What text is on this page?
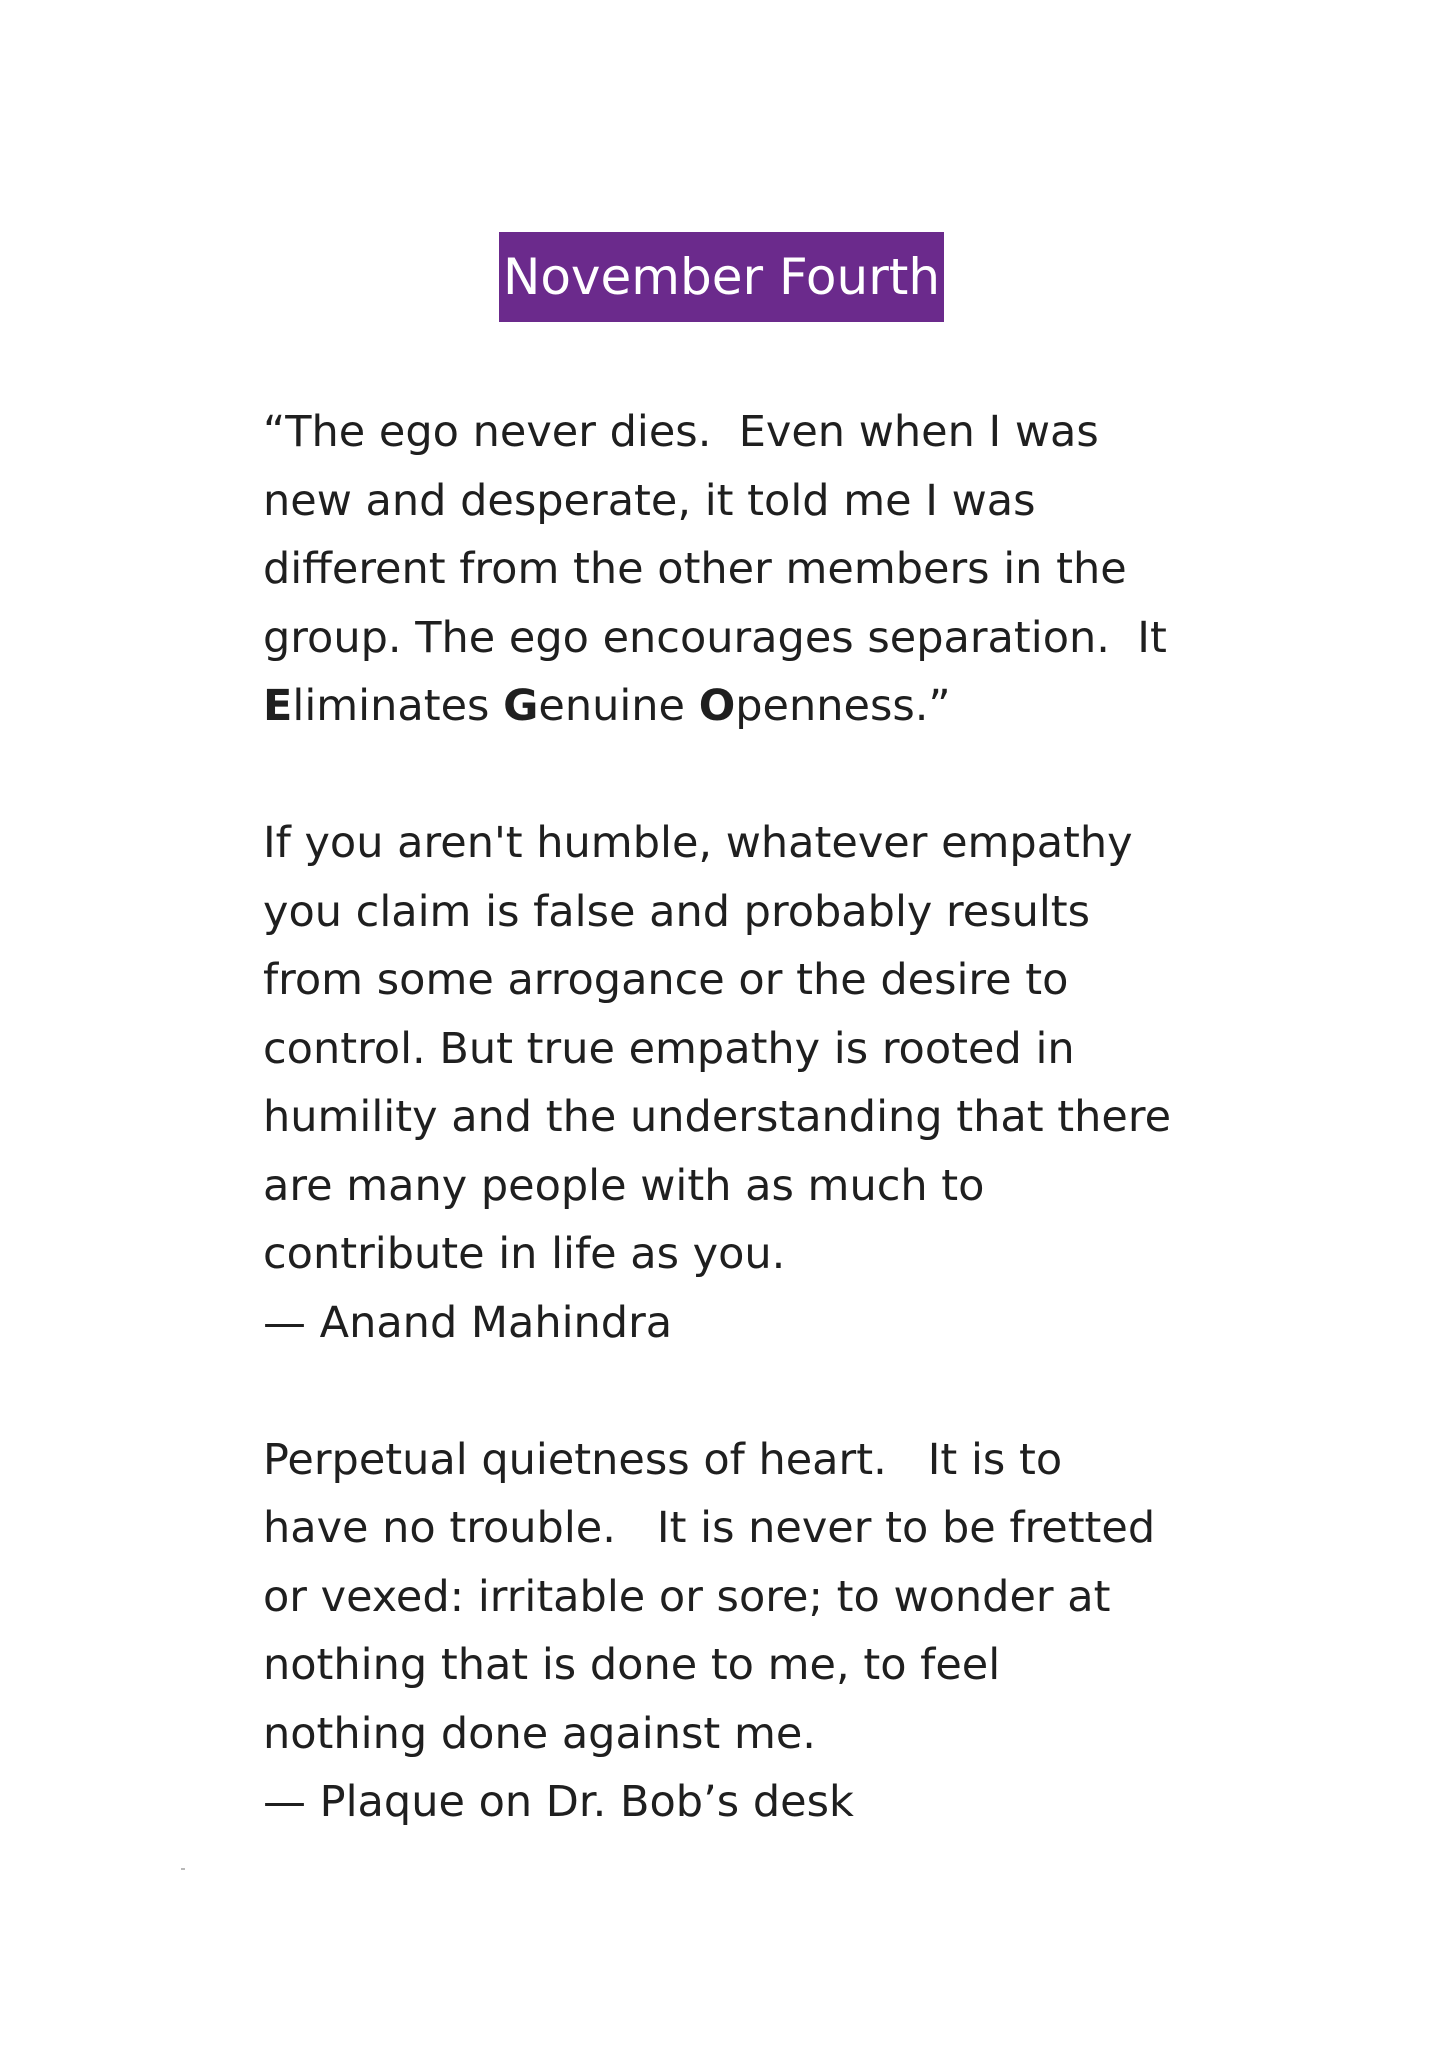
November Fourth
“The ego never dies.  Even when I was
new and desperate, it told me I was
different from the other members in the
group. The ego encourages separation.  It
Eliminates Genuine Openness.”
If you aren't humble, whatever empathy
you claim is false and probably results
from some arrogance or the desire to
control. But true empathy is rooted in
humility and the understanding that there
are many people with as much to
contribute in life as you.
— Anand Mahindra
Perpetual quietness of heart.   It is to
have no trouble.   It is never to be fretted
or vexed: irritable or sore; to wonder at
nothing that is done to me, to feel
nothing done against me.
— Plaque on Dr. Bob’s desk
